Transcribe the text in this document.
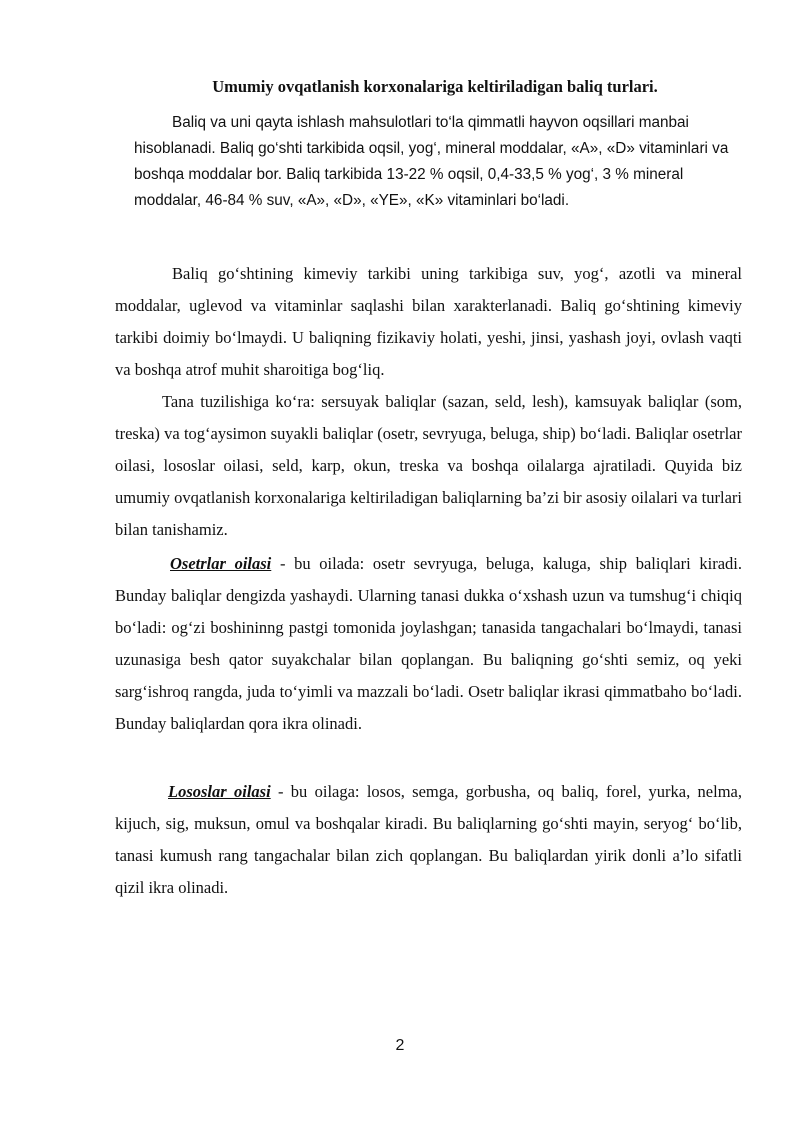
Umumiy ovqatlanish korxonalariga keltiriladigan baliq turlari.
Baliq va uni qayta ishlash mahsulotlari to‘la qimmatli hayvon oqsillari manbai hisoblanadi. Baliq go‘shti tarkibida oqsil, yog‘, mineral moddalar, «A», «D» vitaminlari va boshqa moddalar bor. Baliq tarkibida 13-22 % oqsil, 0,4-33,5 % yog‘, 3 % mineral moddalar, 46-84 % suv, «A», «D», «YE», «K» vitaminlari bo‘ladi.

Baliq go‘shtining kimeviy tarkibi uning tarkibiga suv, yog‘, azotli va mineral moddalar, uglevod va vitaminlar saqlashi bilan xarakterlanadi. Baliq go‘shtining kimeviy tarkibi doimiy bo‘lmaydi. U baliqning fizikaviy holati, yeshi, jinsi, yashash joyi, ovlash vaqti va boshqa atrof muhit sharoitiga bog‘liq.

Tana tuzilishiga ko‘ra: sersuyak baliqlar (sazan, seld, lesh), kamsuyak baliqlar (som, treska) va tog‘aysimon suyakli baliqlar (osetr, sevryuga, beluga, ship) bo‘ladi. Baliqlar osetrlar oilasi, lososlar oilasi, seld, karp, okun, treska va boshqa oilalarga ajratiladi. Quyida biz umumiy ovqatlanish korxonalariga keltiriladigan baliqlarning ba’zi bir asosiy oilalari va turlari bilan tanishamiz.

Osetrlar oilasi - bu oilada: osetr sevryuga, beluga, kaluga, ship baliqlari kiradi. Bunday baliqlar dengizda yashaydi. Ularning tanasi dukka o‘xshash uzun va tumshug‘i chiqiq bo‘ladi: og‘zi boshininng pastgi tomonida joylashgan; tanasida tangachalari bo‘lmaydi, tanasi uzunasiga besh qator suyakchalar bilan qoplangan. Bu baliqning go‘shti semiz, oq yeki sarg‘ishroq rangda, juda to‘yimli va mazzali bo‘ladi. Osetr baliqlar ikrasi qimmatbaho bo‘ladi. Bunday baliqlardan qora ikra olinadi.

Lososlar oilasi - bu oilaga: losos, semga, gorbusha, oq baliq, forel, yurka, nelma, kijuch, sig, muksun, omul va boshqalar kiradi. Bu baliqlarning go‘shti mayin, seryog‘ bo‘lib, tanasi kumush rang tangachalar bilan zich qoplangan. Bu baliqlardan yirik donli a’lo sifatli qizil ikra olinadi.

2
